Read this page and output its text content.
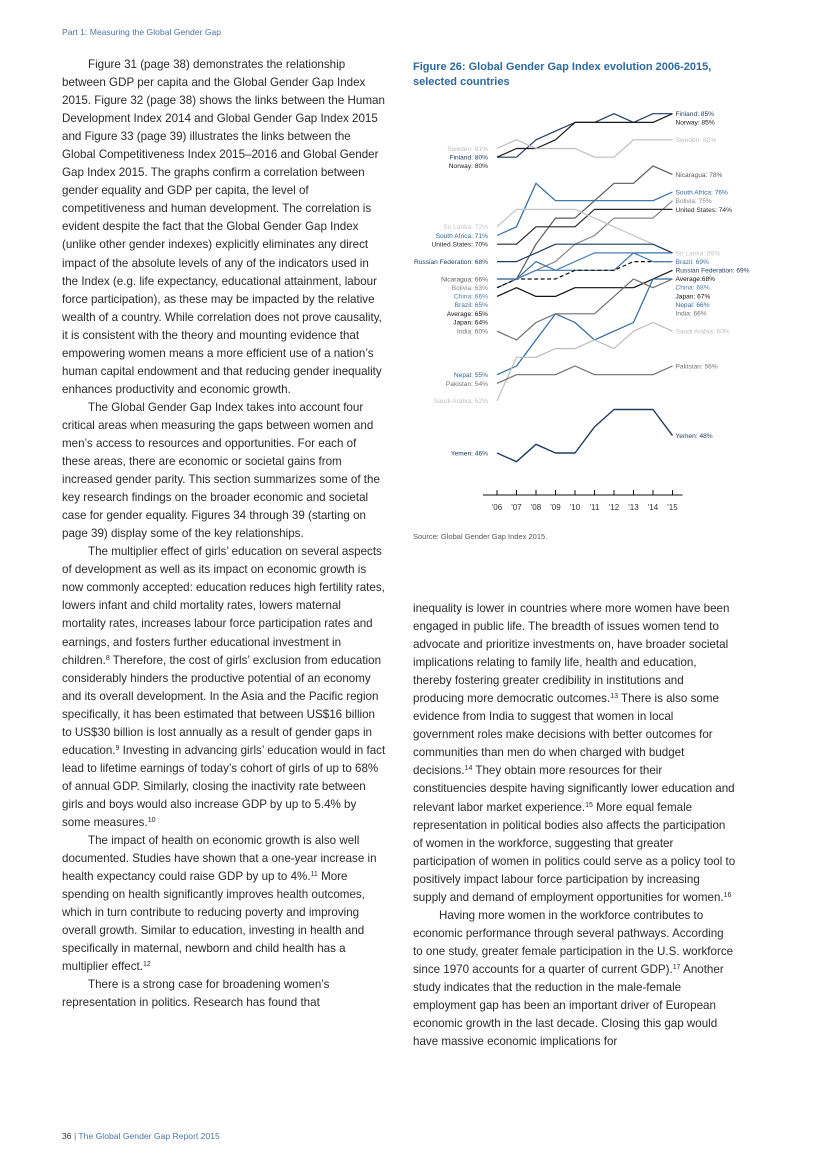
Part 1: Measuring the Global Gender Gap

Figure 31 (page 38) demonstrates the relationship between GDP per capita and the Global Gender Gap Index 2015. Figure 32 (page 38) shows the links between the Human Development Index 2014 and Global Gender Gap Index 2015 and Figure 33 (page 39) illustrates the links between the Global Competitiveness Index 2015–2016 and Global Gender Gap Index 2015. The graphs confirm a correlation between gender equality and GDP per capita, the level of competitiveness and human development. The correlation is evident despite the fact that the Global Gender Gap Index (unlike other gender indexes) explicitly eliminates any direct impact of the absolute levels of any of the indicators used in the Index (e.g. life expectancy, educational attainment, labour force participation), as these may be impacted by the relative wealth of a country. While correlation does not prove causality, it is consistent with the theory and mounting evidence that empowering women means a more efficient use of a nation’s human capital endowment and that reducing gender inequality enhances productivity and economic growth.

The Global Gender Gap Index takes into account four critical areas when measuring the gaps between women and men’s access to resources and opportunities. For each of these areas, there are economic or societal gains from increased gender parity. This section summarizes some of the key research findings on the broader economic and societal case for gender equality. Figures 34 through 39 (starting on page 39) display some of the key relationships.

The multiplier effect of girls’ education on several aspects of development as well as its impact on economic growth is now commonly accepted: education reduces high fertility rates, lowers infant and child mortality rates, lowers maternal mortality rates, increases labour force participation rates and earnings, and fosters further educational investment in children.$^8$ Therefore, the cost of girls’ exclusion from education considerably hinders the productive potential of an economy and its overall development. In the Asia and the Pacific region specifically, it has been estimated that between US$16 billion to US$30 billion is lost annually as a result of gender gaps in education.$^9$ Investing in advancing girls’ education would in fact lead to lifetime earnings of today’s cohort of girls of up to 68% of annual GDP. Similarly, closing the inactivity rate between girls and boys would also increase GDP by up to 5.4% by some measures.$^{10}$

The impact of health on economic growth is also well documented. Studies have shown that a one-year increase in health expectancy could raise GDP by up to 4%.$^{11}$ More spending on health significantly improves health outcomes, which in turn contribute to reducing poverty and improving overall growth. Similar to education, investing in health and specifically in maternal, newborn and child health has a multiplier effect.$^{12}$

There is a strong case for broadening women’s representation in politics. Research has found that

Figure 26: Global Gender Gap Index evolution 2006-2015, selected countries
Sweden: 81%
Finland: 80%
Norway: 80%
Sri Lanka: 72%
South Africa: 71%
United States: 70%
Russian Federation: 68%
Nicaragua: 66%
Bolivia: 63%
China: 66%
Brazil: 65%
Average: 65%
Japan: 64%
India: 60%
Nepal: 55%
Pakistan: 54%
Saudi Arabia: 52%
Yemen: 46%
Finland: 85%
Norway: 85%
Sweden: 82%
Nicaragua: 78%
South Africa: 76%
Bolivia: 75%
United States: 74%
Sri Lanka: 69%
Brazil: 69%
Russian Federation: 69%
Average:68%
China: 68%
Japan: 67%
Nepal: 66%
India: 66%
Saudi Arabia: 60%
Pakistan: 56%
Yemen: 48%
'06 '07 '08 '09 '10 '11 '12 '13 '14 '15
Source: Global Gender Gap Index 2015.

inequality is lower in countries where more women have been engaged in public life. The breadth of issues women tend to advocate and prioritize investments on, have broader societal implications relating to family life, health and education, thereby fostering greater credibility in institutions and producing more democratic outcomes.$^{13}$ There is also some evidence from India to suggest that women in local government roles make decisions with better outcomes for communities than men do when charged with budget decisions.$^{14}$ They obtain more resources for their constituencies despite having significantly lower education and relevant labor market experience.$^{15}$ More equal female representation in political bodies also affects the participation of women in the workforce, suggesting that greater participation of women in politics could serve as a policy tool to positively impact labour force participation by increasing supply and demand of employment opportunities for women.$^{16}$

Having more women in the workforce contributes to economic performance through several pathways. According to one study, greater female participation in the U.S. workforce since 1970 accounts for a quarter of current GDP).$^{17}$ Another study indicates that the reduction in the male-female employment gap has been an important driver of European economic growth in the last decade. Closing this gap would have massive economic implications for

36 | The Global Gender Gap Report 2015
